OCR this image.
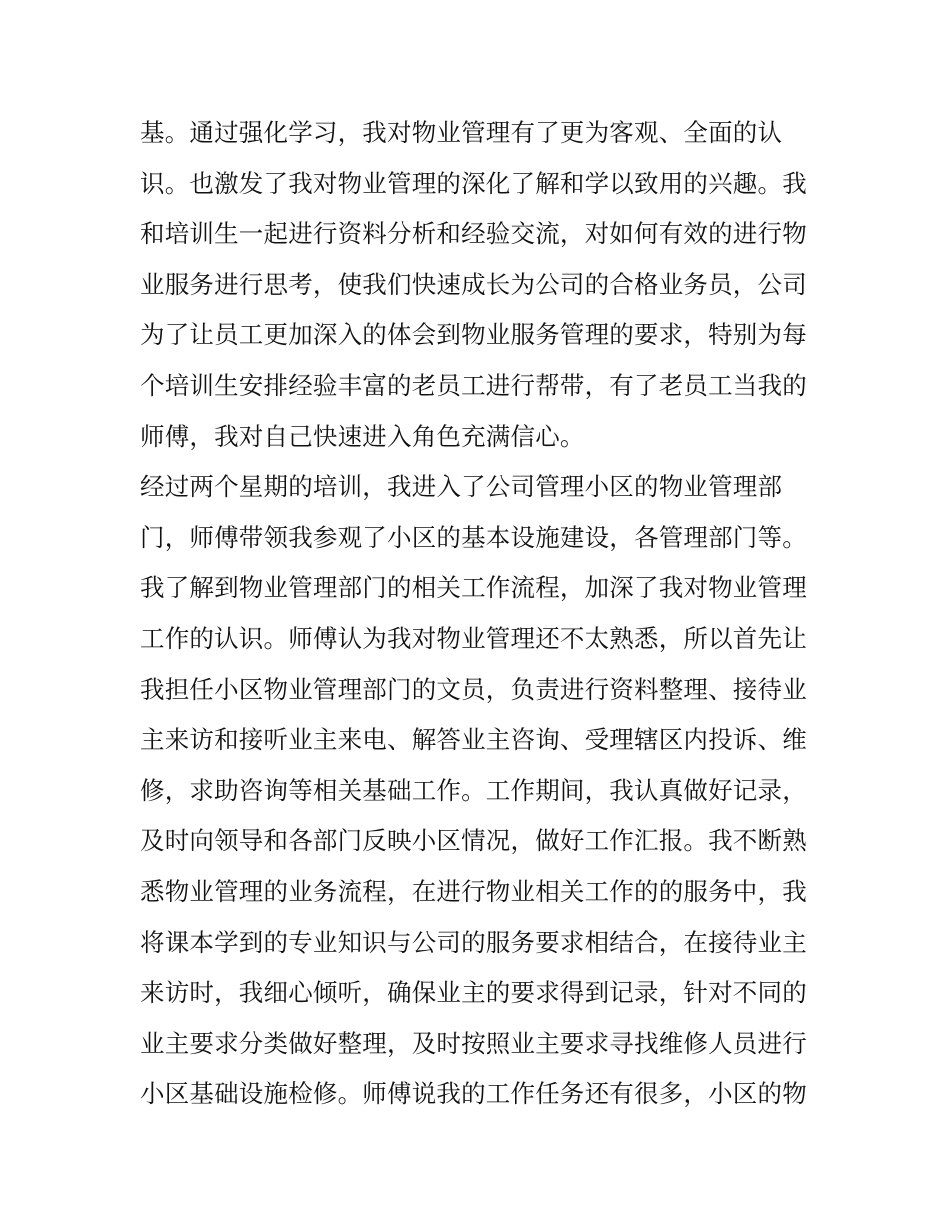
基。通过强化学习，我对物业管理有了更为客观、全面的认
识。也激发了我对物业管理的深化了解和学以致用的兴趣。我
和培训生一起进行资料分析和经验交流，对如何有效的进行物
业服务进行思考，使我们快速成长为公司的合格业务员，公司
为了让员工更加深入的体会到物业服务管理的要求，特别为每
个培训生安排经验丰富的老员工进行帮带，有了老员工当我的
师傅，我对自己快速进入角色充满信心。
经过两个星期的培训，我进入了公司管理小区的物业管理部
门，师傅带领我参观了小区的基本设施建设，各管理部门等。
我了解到物业管理部门的相关工作流程，加深了我对物业管理
工作的认识。师傅认为我对物业管理还不太熟悉，所以首先让
我担任小区物业管理部门的文员，负责进行资料整理、接待业
主来访和接听业主来电、解答业主咨询、受理辖区内投诉、维
修，求助咨询等相关基础工作。工作期间，我认真做好记录，
及时向领导和各部门反映小区情况，做好工作汇报。我不断熟
悉物业管理的业务流程，在进行物业相关工作的的服务中，我
将课本学到的专业知识与公司的服务要求相结合，在接待业主
来访时，我细心倾听，确保业主的要求得到记录，针对不同的
业主要求分类做好整理，及时按照业主要求寻找维修人员进行
小区基础设施检修。师傅说我的工作任务还有很多，小区的物
